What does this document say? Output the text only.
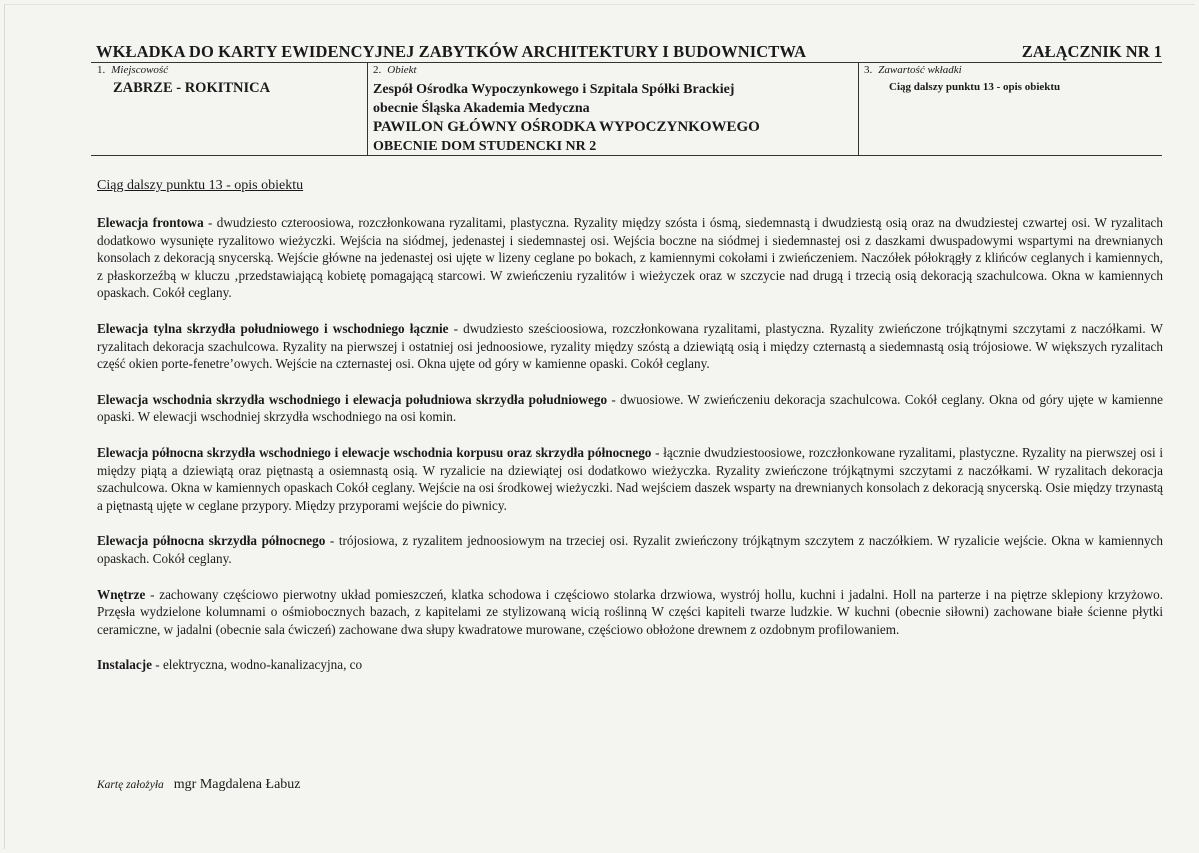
WKŁADKA DO KARTY EWIDENCYJNEJ ZABYTKÓW ARCHITEKTURY I BUDOWNICTWA	ZAŁĄCZNIK NR 1
1. Miejscowość
ZABRZE - ROKITNICA
2. Obiekt
Zespół Ośrodka Wypoczynkowego i Szpitala Spółki Brackiej
obecnie Śląska Akademia Medyczna
PAWILON GŁÓWNY OŚRODKA WYPOCZYNKOWEGO
OBECNIE DOM STUDENCKI NR 2
3. Zawartość wkładki
Ciąg dalszy punktu 13 - opis obiektu
Ciąg dalszy punktu 13 - opis obiektu

Elewacja frontowa - dwudziesto czteroosiowa, rozczłonkowana ryzalitami, plastyczna. Ryzality między szósta i ósmą, siedemnastą i dwudziestą osią oraz na dwudziestej czwartej osi. W ryzalitach dodatkowo wysunięte ryzalitowo wieżyczki. Wejścia na siódmej, jedenastej i siedemnastej osi. Wejścia boczne na siódmej i siedemnastej osi z daszkami dwuspadowymi wspartymi na drewnianych konsolach z dekoracją snycerską. Wejście główne na jedenastej osi ujęte w lizeny ceglane po bokach, z kamiennymi cokołami i zwieńczeniem. Naczółek półokrągły z klińców ceglanych i kamiennych, z płaskorzeźbą w kluczu ‚przedstawiającą kobietę pomagającą starcowi. W zwieńczeniu ryzalitów i wieżyczek oraz w szczycie nad drugą i trzecią osią dekoracją szachulcowa. Okna w kamiennych opaskach. Cokół ceglany.

Elewacja tylna skrzydła południowego i wschodniego łącznie - dwudziesto sześcioosiowa, rozczłonkowana ryzalitami, plastyczna. Ryzality zwieńczone trójkątnymi szczytami z naczółkami. W ryzalitach dekoracja szachulcowa. Ryzality na pierwszej i ostatniej osi jednoosiowe, ryzality między szóstą a dziewiątą osią i między czternastą a siedemnastą osią trójosiowe. W większych ryzalitach część okien porte-fenetre’owych. Wejście na czternastej osi. Okna ujęte od góry w kamienne opaski. Cokół ceglany.

Elewacja wschodnia skrzydła wschodniego i elewacja południowa skrzydła południowego - dwuosiowe. W zwieńczeniu dekoracja szachulcowa. Cokół ceglany. Okna od góry ujęte w kamienne opaski. W elewacji wschodniej skrzydła wschodniego na osi komin.

Elewacja północna skrzydła wschodniego i elewacje wschodnia korpusu oraz skrzydła północnego - łącznie dwudziestoosiowe, rozczłonkowane ryzalitami, plastyczne. Ryzality na pierwszej osi i między piątą a dziewiątą oraz piętnastą a osiemnastą osią. W ryzalicie na dziewiątej osi dodatkowo wieżyczka. Ryzality zwieńczone trójkątnymi szczytami z naczółkami. W ryzalitach dekoracja szachulcowa. Okna w kamiennych opaskach Cokół ceglany. Wejście na osi środkowej wieżyczki. Nad wejściem daszek wsparty na drewnianych konsolach z dekoracją snycerską. Osie między trzynastą a piętnastą ujęte w ceglane przypory. Między przyporami wejście do piwnicy.

Elewacja północna skrzydła północnego - trójosiowa, z ryzalitem jednoosiowym na trzeciej osi. Ryzalit zwieńczony trójkątnym szczytem z naczółkiem. W ryzalicie wejście. Okna w kamiennych opaskach. Cokół ceglany.

Wnętrze - zachowany częściowo pierwotny układ pomieszczeń, klatka schodowa i częściowo stolarka drzwiowa, wystrój hollu, kuchni i jadalni. Holl na parterze i na piętrze sklepiony krzyżowo. Przęsła wydzielone kolumnami o ośmiobocznych bazach, z kapitelami ze stylizowaną wicią roślinną W części kapiteli twarze ludzkie. W kuchni (obecnie siłowni) zachowane białe ścienne płytki ceramiczne, w jadalni (obecnie sala ćwiczeń) zachowane dwa słupy kwadratowe murowane, częściowo obłożone drewnem z ozdobnym profilowaniem.

Instalacje - elektryczna, wodno-kanalizacyjna, co

Kartę założyła mgr Magdalena Łabuz
